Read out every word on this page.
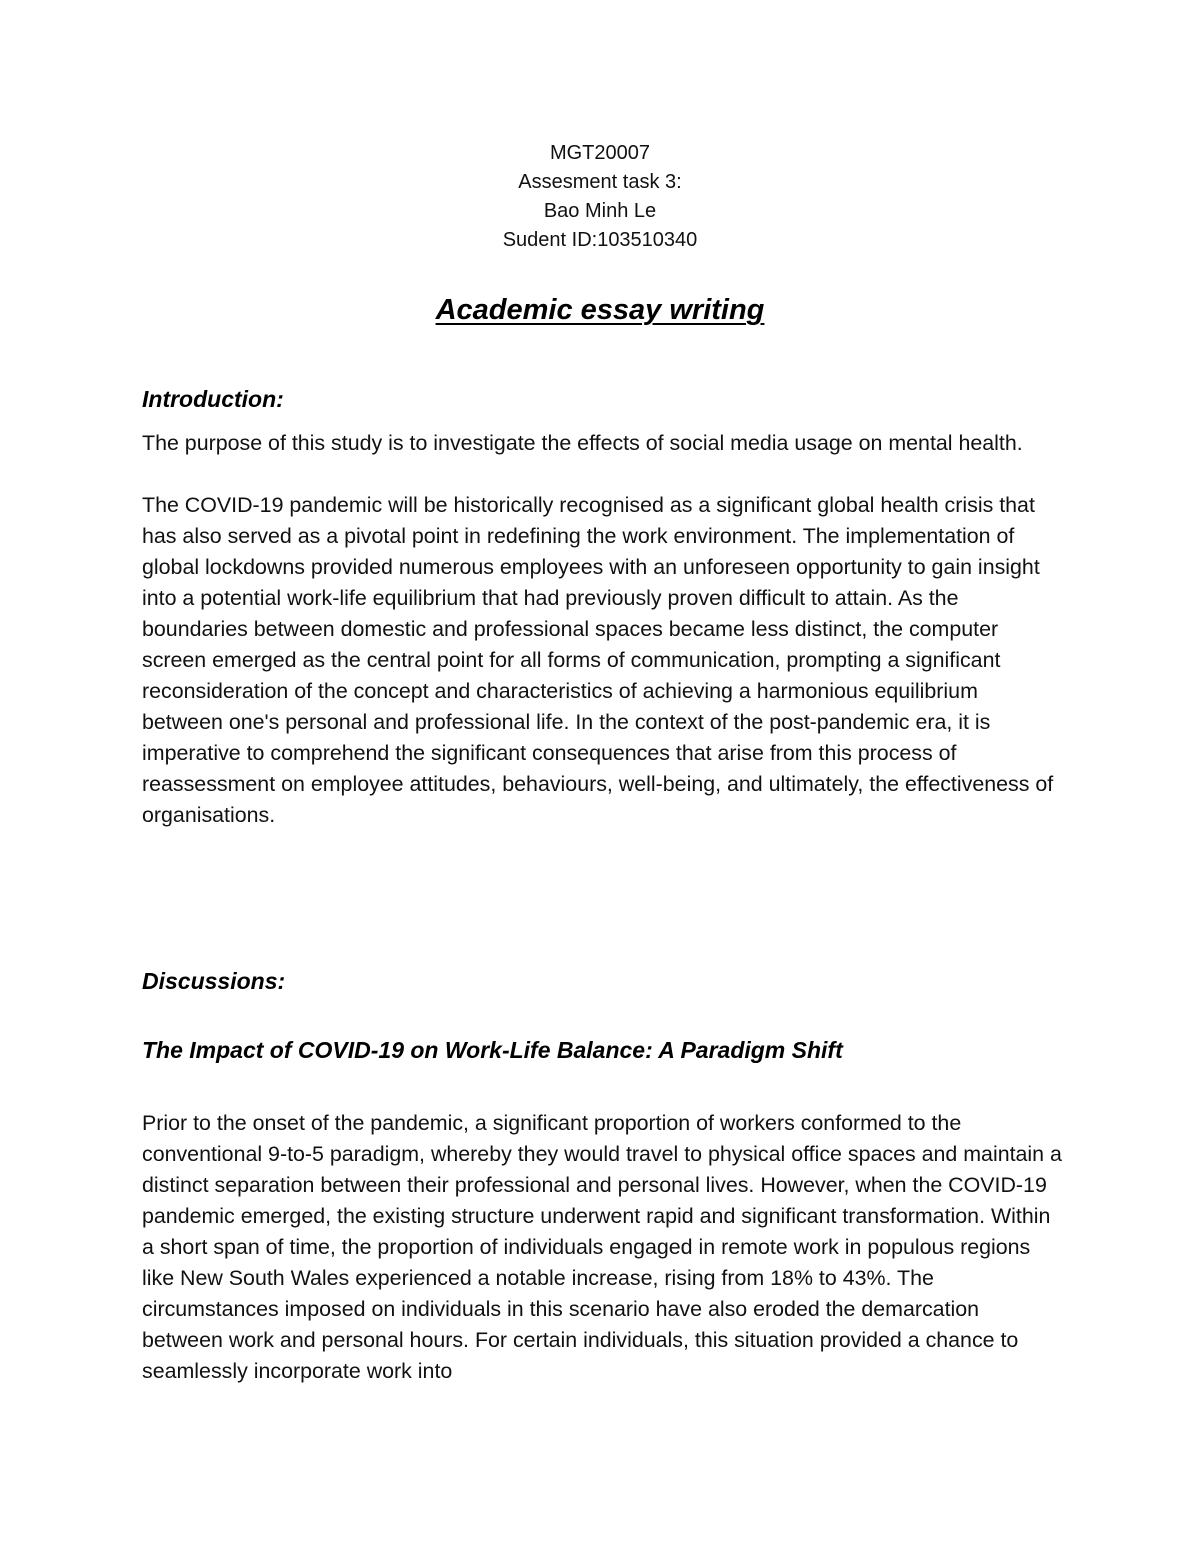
MGT20007
Assesment task 3:
Bao Minh Le
Sudent ID:103510340
Academic essay writing
Introduction:

The purpose of this study is to investigate the effects of social media usage on mental health.

The COVID-19 pandemic will be historically recognised as a significant global health crisis that has also served as a pivotal point in redefining the work environment. The implementation of global lockdowns provided numerous employees with an unforeseen opportunity to gain insight into a potential work-life equilibrium that had previously proven difficult to attain. As the boundaries between domestic and professional spaces became less distinct, the computer screen emerged as the central point for all forms of communication, prompting a significant reconsideration of the concept and characteristics of achieving a harmonious equilibrium between one's personal and professional life. In the context of the post-pandemic era, it is imperative to comprehend the significant consequences that arise from this process of reassessment on employee attitudes, behaviours, well-being, and ultimately, the effectiveness of organisations.

Discussions:
The Impact of COVID-19 on Work-Life Balance: A Paradigm Shift

Prior to the onset of the pandemic, a significant proportion of workers conformed to the conventional 9-to-5 paradigm, whereby they would travel to physical office spaces and maintain a distinct separation between their professional and personal lives. However, when the COVID-19 pandemic emerged, the existing structure underwent rapid and significant transformation. Within a short span of time, the proportion of individuals engaged in remote work in populous regions like New South Wales experienced a notable increase, rising from 18% to 43%. The circumstances imposed on individuals in this scenario have also eroded the demarcation between work and personal hours. For certain individuals, this situation provided a chance to seamlessly incorporate work into
